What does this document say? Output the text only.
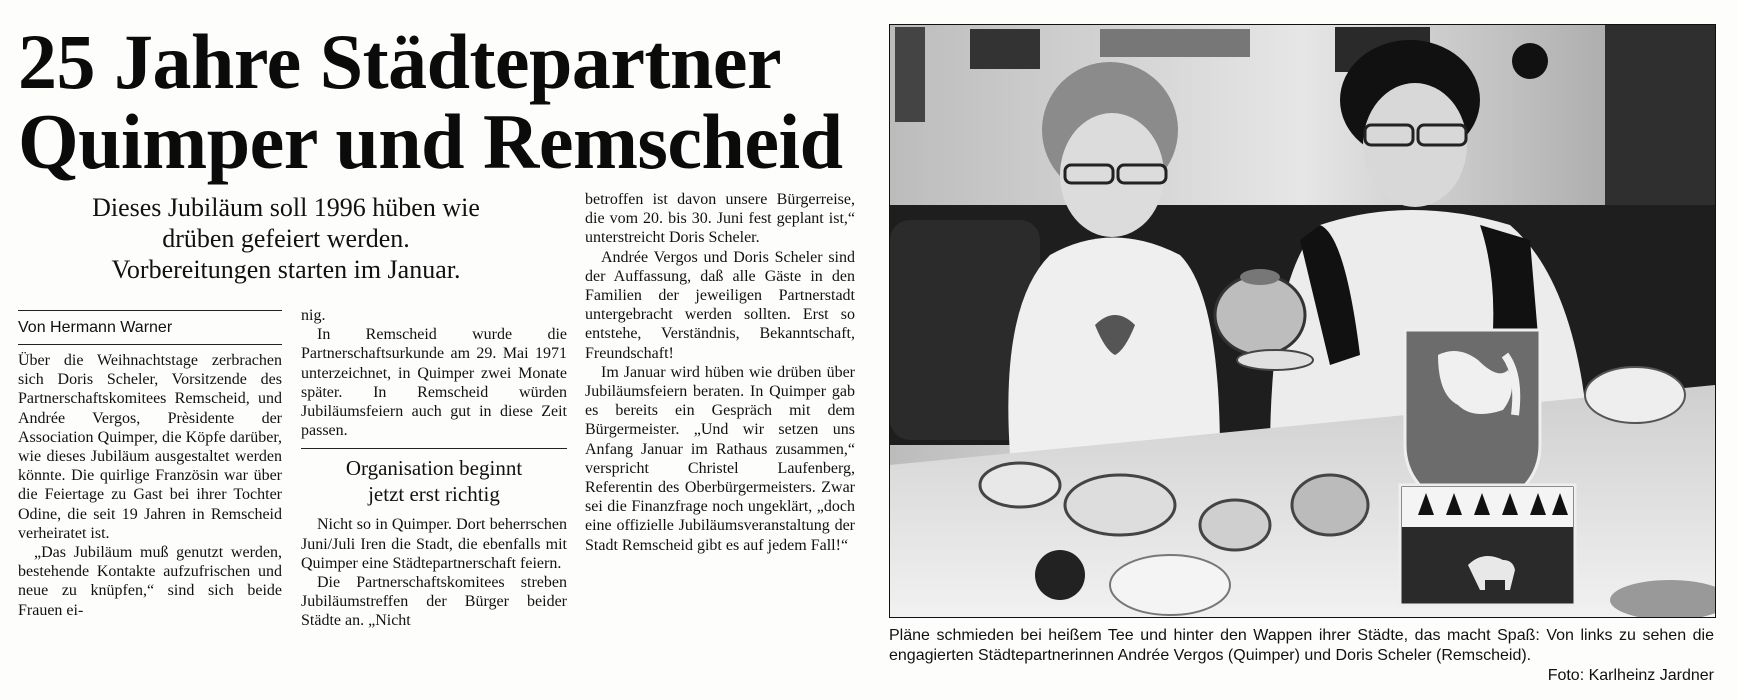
25 Jahre Städtepartner
Quimper und Remscheid
Dieses Jubiläum soll 1996 hüben wie
drüben gefeiert werden.
Vorbereitungen starten im Januar.
Von Hermann Warner

Über die Weihnachtstage zerbrachen sich Doris Scheler, Vorsitzende des Partnerschaftskomitees Remscheid, und Andrée Vergos, Prèsidente der Association Quimper, die Köpfe darüber, wie dieses Jubiläum ausgestaltet werden könnte. Die quirlige Französin war über die Feiertage zu Gast bei ihrer Tochter Odine, die seit 19 Jahren in Remscheid verheiratet ist.

„Das Jubiläum muß genutzt werden, bestehende Kontakte aufzufrischen und neue zu knüpfen,“ sind sich beide Frauen ei-

nig.

In Remscheid wurde die Partnerschaftsurkunde am 29. Mai 1971 unterzeichnet, in Quimper zwei Monate später. In Remscheid würden Jubiläumsfeiern auch gut in diese Zeit passen.

Organisation beginnt
jetzt erst richtig

Nicht so in Quimper. Dort beherrschen Juni/Juli Iren die Stadt, die ebenfalls mit Quimper eine Städtepartnerschaft feiern.

Die Partnerschaftskomitees streben Jubiläumstreffen der Bürger beider Städte an. „Nicht

betroffen ist davon unsere Bürgerreise, die vom 20. bis 30. Juni fest geplant ist,“ unterstreicht Doris Scheler.

Andrée Vergos und Doris Scheler sind der Auffassung, daß alle Gäste in den Familien der jeweiligen Partnerstadt untergebracht werden sollten. Erst so entstehe, Verständnis, Bekanntschaft, Freundschaft!

Im Januar wird hüben wie drüben über Jubiläumsfeiern beraten. In Quimper gab es bereits ein Gespräch mit dem Bürgermeister. „Und wir setzen uns Anfang Januar im Rathaus zusammen,“ verspricht Christel Laufenberg, Referentin des Oberbürgermeisters. Zwar sei die Finanzfrage noch ungeklärt, „doch eine offizielle Jubiläumsveranstaltung der Stadt Remscheid gibt es auf jedem Fall!“

Pläne schmieden bei heißem Tee und hinter den Wappen ihrer Städte, das macht Spaß: Von links zu sehen die engagierten Städtepartnerinnen Andrée Vergos (Quimper) und Doris Scheler (Remscheid).
Foto: Karlheinz Jardner
